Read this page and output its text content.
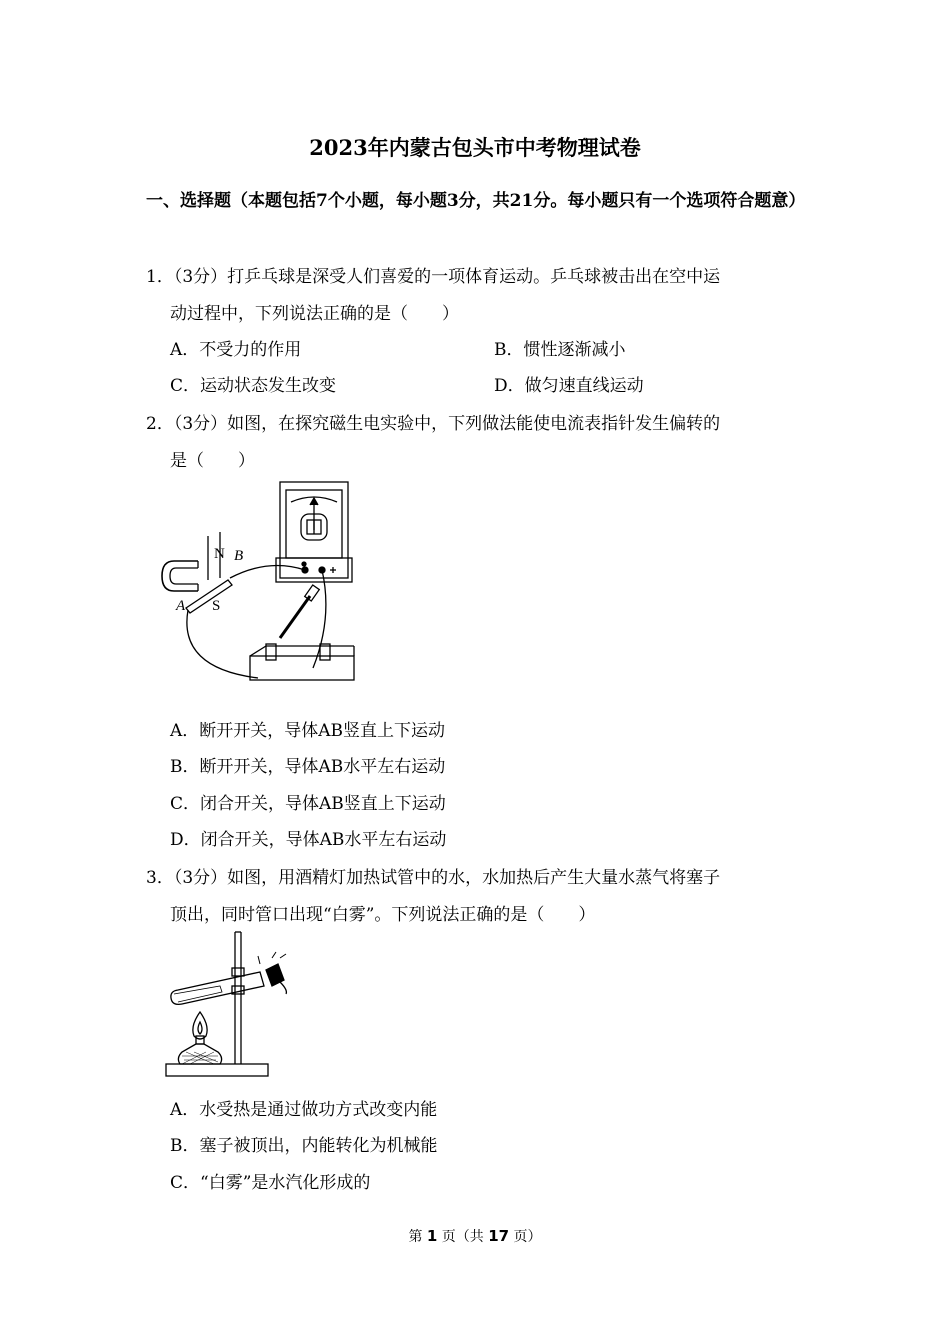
2023年内蒙古包头市中考物理试卷
一、选择题（本题包括7个小题，每小题3分，共21分。每小题只有一个选项符合题意）
1．（3分）打乒乓球是深受人们喜爱的一项体育运动。乒乓球被击出在空中运
动过程中，下列说法正确的是（　　）
A．不受力的作用	B．惯性逐渐减小
C．运动状态发生改变	D．做匀速直线运动
2．（3分）如图，在探究磁生电实验中，下列做法能使电流表指针发生偏转的
是（　　）
N
S
A
B
A．断开开关，导体AB竖直上下运动
B．断开开关，导体AB水平左右运动
C．闭合开关，导体AB竖直上下运动
D．闭合开关，导体AB水平左右运动
3．（3分）如图，用酒精灯加热试管中的水，水加热后产生大量水蒸气将塞子
顶出，同时管口出现“白雾”。下列说法正确的是（　　）
A．水受热是通过做功方式改变内能
B．塞子被顶出，内能转化为机械能
C．“白雾”是水汽化形成的
第 1 页（共 17 页）
